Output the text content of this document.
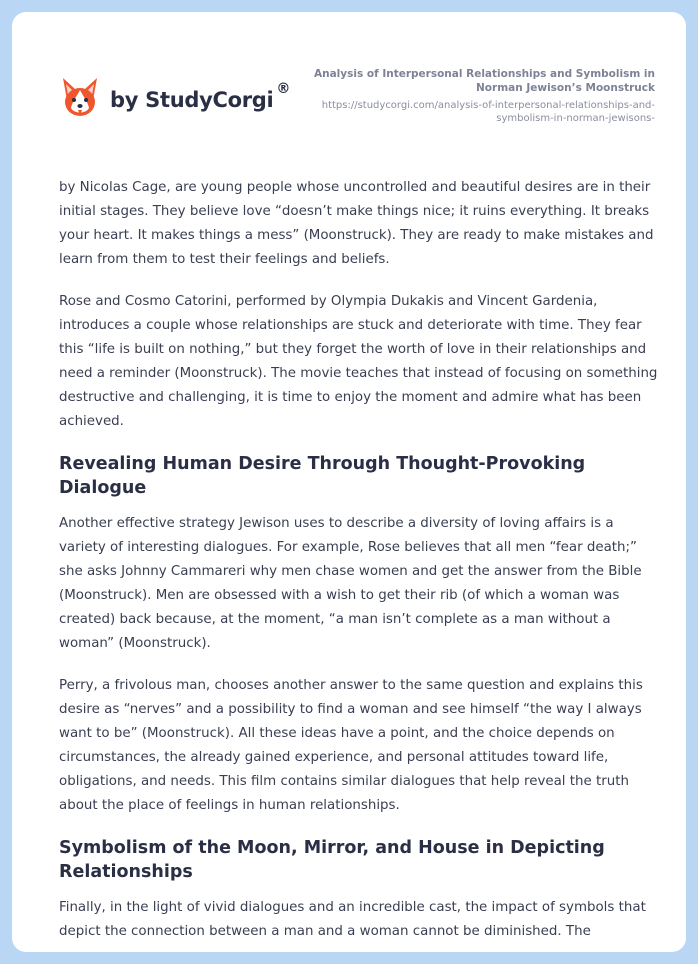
by StudyCorgi ®
Analysis of Interpersonal Relationships and Symbolism in Norman Jewison’s Moonstruck
https://studycorgi.com/analysis-of-interpersonal-relationships-and-symbolism-in-norman-jewisons-

by Nicolas Cage, are young people whose uncontrolled and beautiful desires are in their initial stages. They believe love “doesn’t make things nice; it ruins everything. It breaks your heart. It makes things a mess” (Moonstruck). They are ready to make mistakes and learn from them to test their feelings and beliefs.

Rose and Cosmo Catorini, performed by Olympia Dukakis and Vincent Gardenia, introduces a couple whose relationships are stuck and deteriorate with time. They fear this “life is built on nothing,” but they forget the worth of love in their relationships and need a reminder (Moonstruck). The movie teaches that instead of focusing on something destructive and challenging, it is time to enjoy the moment and admire what has been achieved.

Revealing Human Desire Through Thought-Provoking Dialogue

Another effective strategy Jewison uses to describe a diversity of loving affairs is a variety of interesting dialogues. For example, Rose believes that all men “fear death;” she asks Johnny Cammareri why men chase women and get the answer from the Bible (Moonstruck). Men are obsessed with a wish to get their rib (of which a woman was created) back because, at the moment, “a man isn’t complete as a man without a woman” (Moonstruck).

Perry, a frivolous man, chooses another answer to the same question and explains this desire as “nerves” and a possibility to find a woman and see himself “the way I always want to be” (Moonstruck). All these ideas have a point, and the choice depends on circumstances, the already gained experience, and personal attitudes toward life, obligations, and needs. This film contains similar dialogues that help reveal the truth about the place of feelings in human relationships.

Symbolism of the Moon, Mirror, and House in Depicting Relationships

Finally, in the light of vivid dialogues and an incredible cast, the impact of symbols that depict the connection between a man and a woman cannot be diminished. The
